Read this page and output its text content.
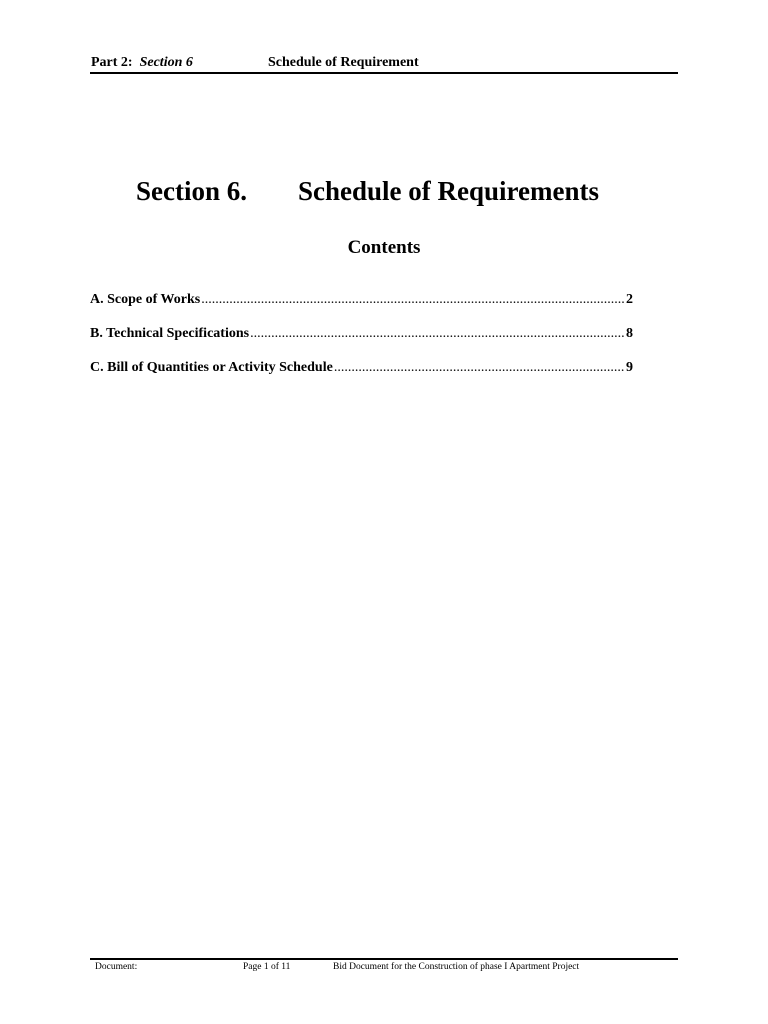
Part 2: Section 6	Schedule of Requirement
Section 6. Schedule of Requirements
Contents
A. Scope of Works .....	2
B. Technical Specifications .....	8
C. Bill of Quantities or Activity Schedule .....	9
Document:	Page 1 of 11	Bid Document for the Construction of phase I Apartment Project
